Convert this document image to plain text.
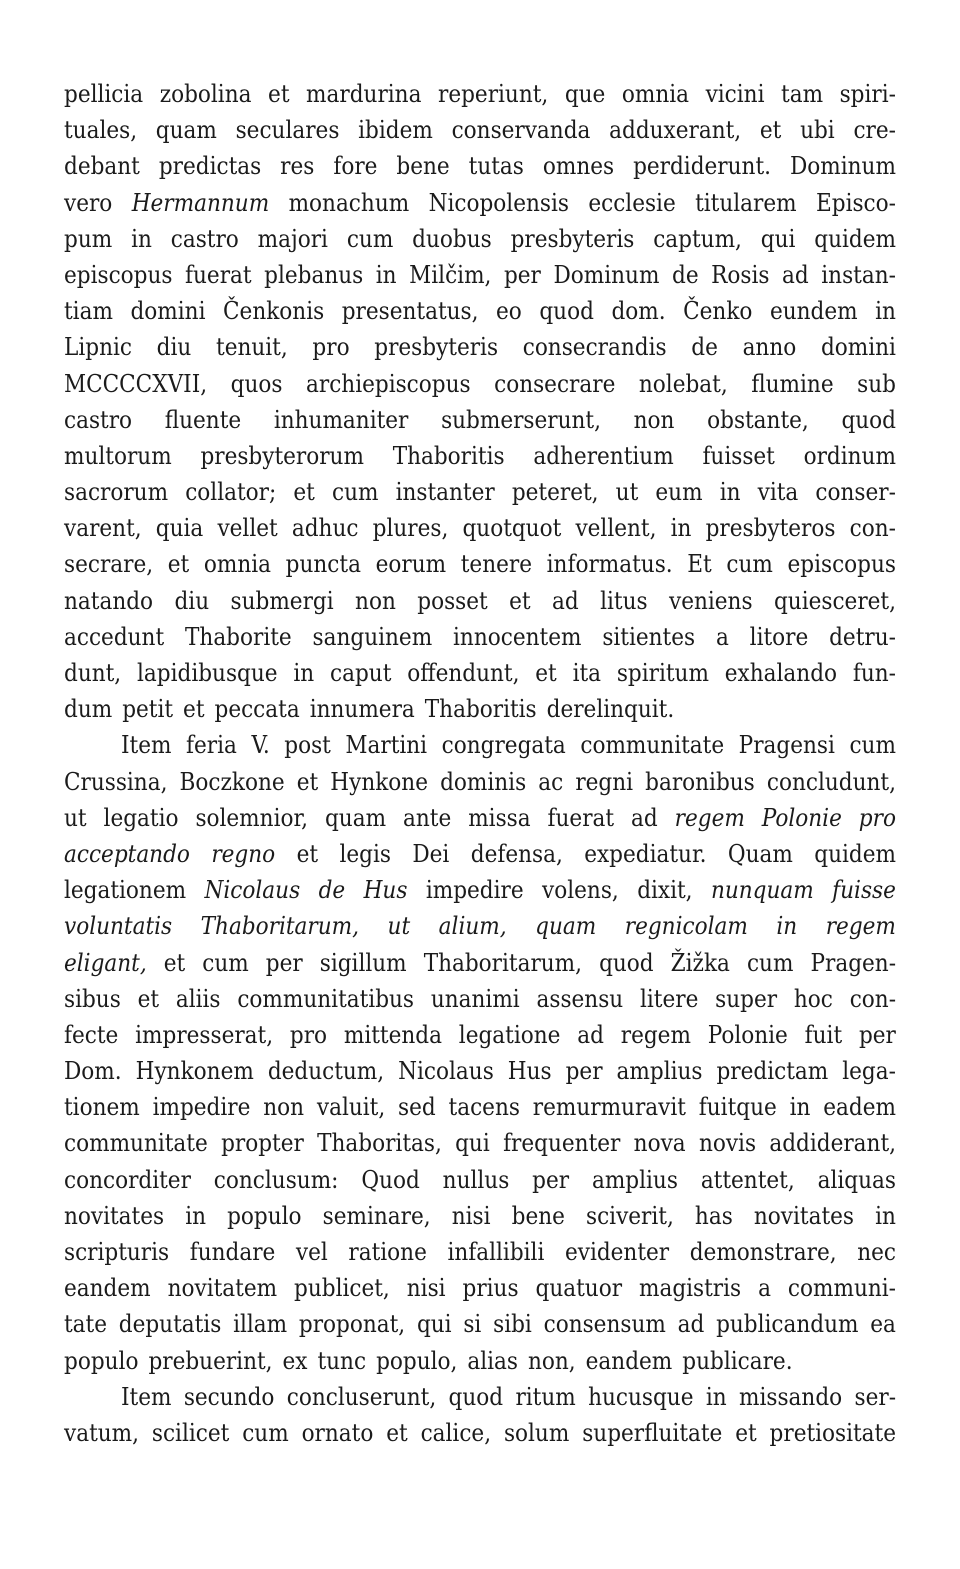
pellicia zobolina et mardurina reperiunt, que omnia vicini tam spiri-
tuales, quam seculares ibidem conservanda adduxerant, et ubi cre-
debant predictas res fore bene tutas omnes perdiderunt. Dominum
vero Hermannum monachum Nicopolensis ecclesie titularem Episco-
pum in castro majori cum duobus presbyteris captum, qui quidem
episcopus fuerat plebanus in Milčim, per Dominum de Rosis ad instan-
tiam domini Čenkonis presentatus, eo quod dom. Čenko eundem in
Lipnic diu tenuit, pro presbyteris consecrandis de anno domini
MCCCCXVII, quos archiepiscopus consecrare nolebat, flumine sub
castro fluente inhumaniter submerserunt, non obstante, quod
multorum presbyterorum Thaboritis adherentium fuisset ordinum
sacrorum collator; et cum instanter peteret, ut eum in vita conser-
varent, quia vellet adhuc plures, quotquot vellent, in presbyteros con-
secrare, et omnia puncta eorum tenere informatus. Et cum episcopus
natando diu submergi non posset et ad litus veniens quiesceret,
accedunt Thaborite sanguinem innocentem sitientes a litore detru-
dunt, lapidibusque in caput offendunt, et ita spiritum exhalando fun-
dum petit et peccata innumera Thaboritis derelinquit.
Item feria V. post Martini congregata communitate Pragensi cum
Crussina, Boczkone et Hynkone dominis ac regni baronibus concludunt,
ut legatio solemnior, quam ante missa fuerat ad regem Polonie pro
acceptando regno et legis Dei defensa, expediatur. Quam quidem
legationem Nicolaus de Hus impedire volens, dixit, nunquam fuisse
voluntatis Thaboritarum, ut alium, quam regnicolam in regem
eligant, et cum per sigillum Thaboritarum, quod Žižka cum Pragen-
sibus et aliis communitatibus unanimi assensu litere super hoc con-
fecte impresserat, pro mittenda legatione ad regem Polonie fuit per
Dom. Hynkonem deductum, Nicolaus Hus per amplius predictam lega-
tionem impedire non valuit, sed tacens remurmuravit fuitque in eadem
communitate propter Thaboritas, qui frequenter nova novis addiderant,
concorditer conclusum: Quod nullus per amplius attentet, aliquas
novitates in populo seminare, nisi bene sciverit, has novitates in
scripturis fundare vel ratione infallibili evidenter demonstrare, nec
eandem novitatem publicet, nisi prius quatuor magistris a communi-
tate deputatis illam proponat, qui si sibi consensum ad publicandum ea
populo prebuerint, ex tunc populo, alias non, eandem publicare.
Item secundo concluserunt, quod ritum hucusque in missando ser-
vatum, scilicet cum ornato et calice, solum superfluitate et pretiositate
